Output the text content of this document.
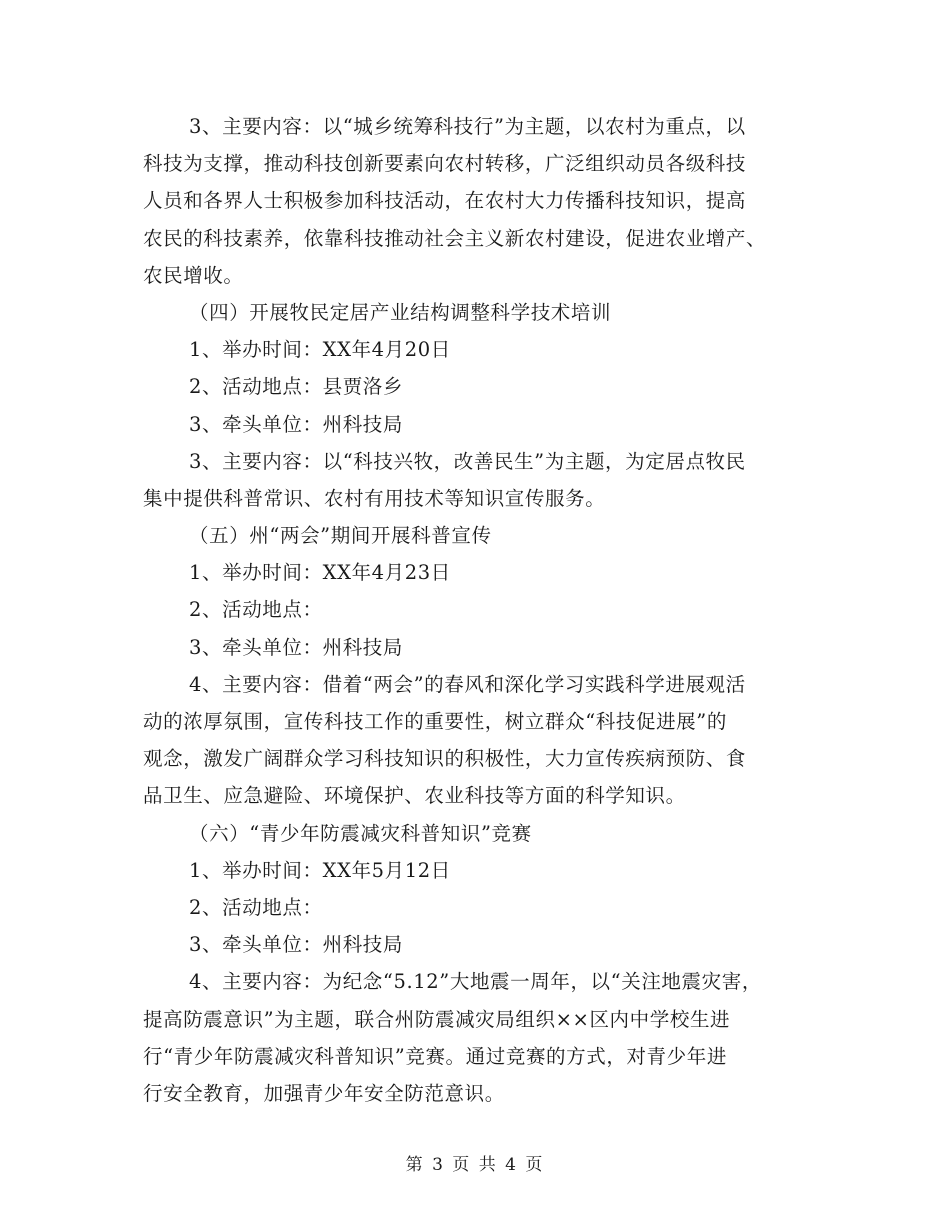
3、主要内容：以“城乡统筹科技行”为主题，以农村为重点，以
科技为支撑，推动科技创新要素向农村转移，广泛组织动员各级科技
人员和各界人士积极参加科技活动，在农村大力传播科技知识，提高
农民的科技素养，依靠科技推动社会主义新农村建设，促进农业增产、
农民增收。
（四）开展牧民定居产业结构调整科学技术培训
1、举办时间：XX年4月20日
2、活动地点：县贾洛乡
3、牵头单位：州科技局
3、主要内容：以“科技兴牧，改善民生”为主题，为定居点牧民
集中提供科普常识、农村有用技术等知识宣传服务。
（五）州“两会”期间开展科普宣传
1、举办时间：XX年4月23日
2、活动地点：
3、牵头单位：州科技局
4、主要内容：借着“两会”的春风和深化学习实践科学进展观活
动的浓厚氛围，宣传科技工作的重要性，树立群众“科技促进展”的
观念，激发广阔群众学习科技知识的积极性，大力宣传疾病预防、食
品卫生、应急避险、环境保护、农业科技等方面的科学知识。
（六）“青少年防震减灾科普知识”竞赛
1、举办时间：XX年5月12日
2、活动地点：
3、牵头单位：州科技局
4、主要内容：为纪念“5.12”大地震一周年，以“关注地震灾害，
提高防震意识”为主题，联合州防震减灾局组织××区内中学校生进
行“青少年防震减灾科普知识”竞赛。通过竞赛的方式，对青少年进
行安全教育，加强青少年安全防范意识。
第 3 页 共 4 页
